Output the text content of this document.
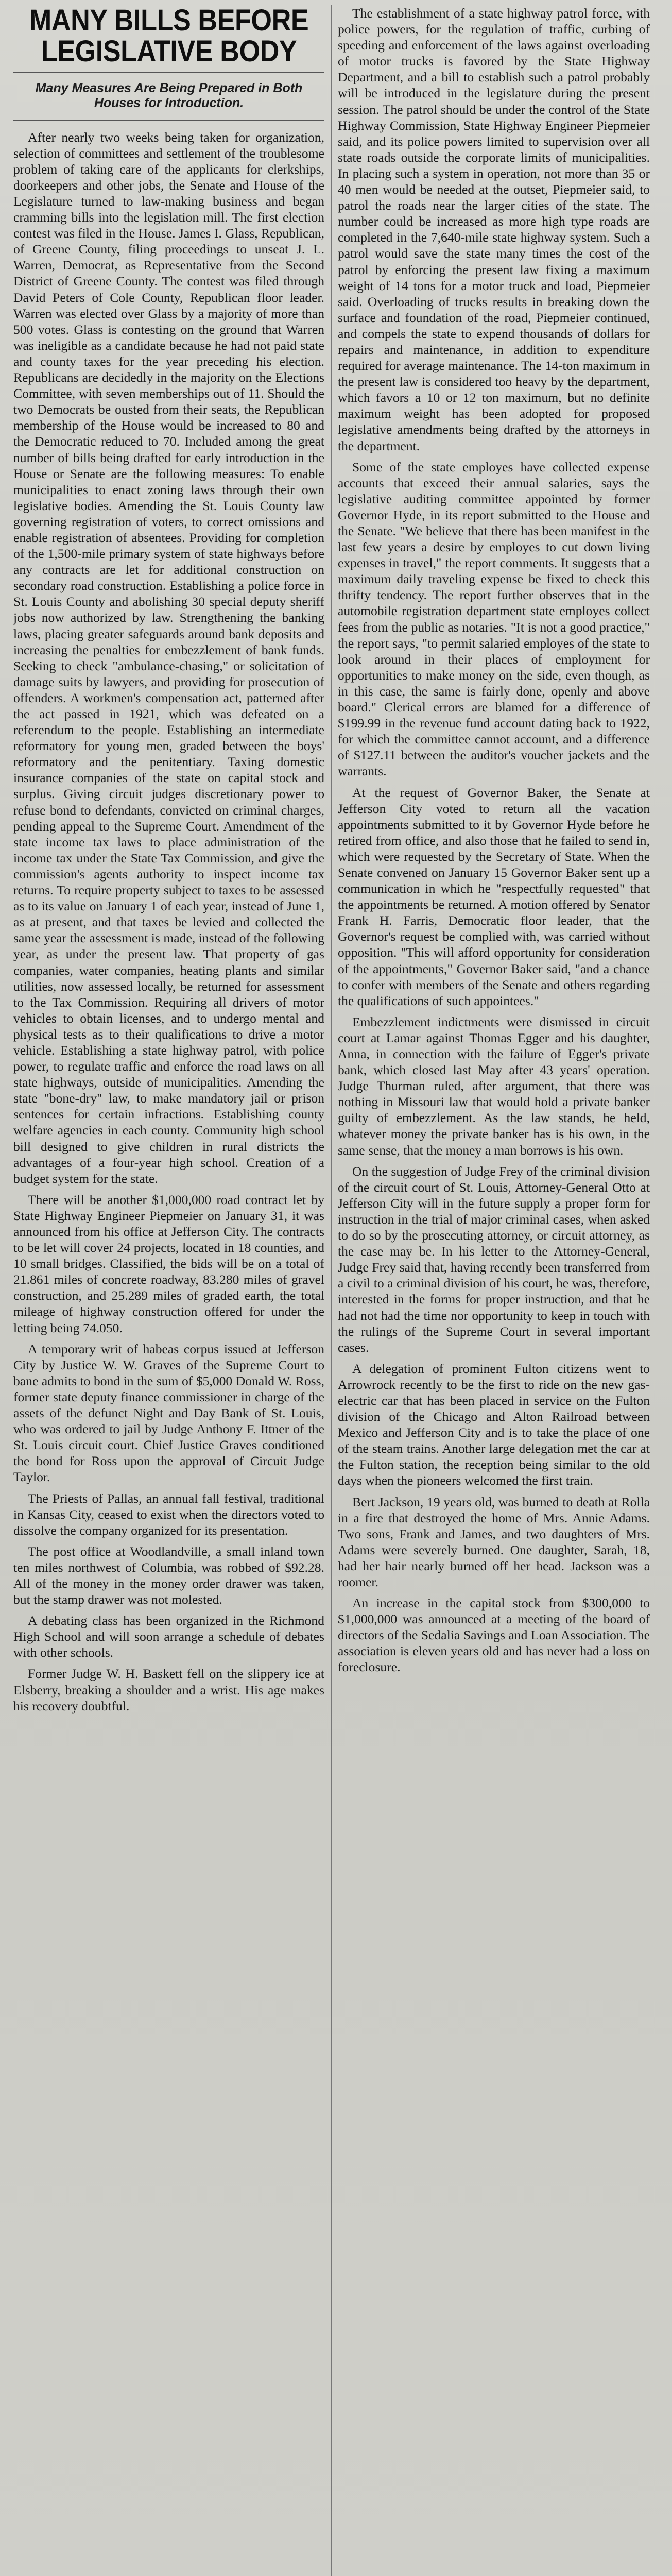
MANY BILLS BEFORE
LEGISLATIVE BODY
Many Measures Are Being Prepared in Both Houses for Introduction.

After nearly two weeks being taken for organization, selection of committees and settlement of the troublesome problem of taking care of the applicants for clerkships, doorkeepers and other jobs, the Senate and House of the Legislature turned to law-making business and began cramming bills into the legislation mill. The first election contest was filed in the House. James I. Glass, Republican, of Greene County, filing proceedings to unseat J. L. Warren, Democrat, as Representative from the Second District of Greene County. The contest was filed through David Peters of Cole County, Republican floor leader. Warren was elected over Glass by a majority of more than 500 votes. Glass is contesting on the ground that Warren was ineligible as a candidate because he had not paid state and county taxes for the year preceding his election. Republicans are decidedly in the majority on the Elections Committee, with seven memberships out of 11. Should the two Democrats be ousted from their seats, the Republican membership of the House would be increased to 80 and the Democratic reduced to 70. Included among the great number of bills being drafted for early introduction in the House or Senate are the following measures: To enable municipalities to enact zoning laws through their own legislative bodies. Amending the St. Louis County law governing registration of voters, to correct omissions and enable registration of absentees. Providing for completion of the 1,500-mile primary system of state highways before any contracts are let for additional construction on secondary road construction. Establishing a police force in St. Louis County and abolishing 30 special deputy sheriff jobs now authorized by law. Strengthening the banking laws, placing greater safeguards around bank deposits and increasing the penalties for embezzlement of bank funds. Seeking to check "ambulance-chasing," or solicitation of damage suits by lawyers, and providing for prosecution of offenders. A workmen's compensation act, patterned after the act passed in 1921, which was defeated on a referendum to the people. Establishing an intermediate reformatory for young men, graded between the boys' reformatory and the penitentiary. Taxing domestic insurance companies of the state on capital stock and surplus. Giving circuit judges discretionary power to refuse bond to defendants, convicted on criminal charges, pending appeal to the Supreme Court. Amendment of the state income tax laws to place administration of the income tax under the State Tax Commission, and give the commission's agents authority to inspect income tax returns. To require property subject to taxes to be assessed as to its value on January 1 of each year, instead of June 1, as at present, and that taxes be levied and collected the same year the assessment is made, instead of the following year, as under the present law. That property of gas companies, water companies, heating plants and similar utilities, now assessed locally, be returned for assessment to the Tax Commission. Requiring all drivers of motor vehicles to obtain licenses, and to undergo mental and physical tests as to their qualifications to drive a motor vehicle. Establishing a state highway patrol, with police power, to regulate traffic and enforce the road laws on all state highways, outside of municipalities. Amending the state "bone-dry" law, to make mandatory jail or prison sentences for certain infractions. Establishing county welfare agencies in each county. Community high school bill designed to give children in rural districts the advantages of a four-year high school. Creation of a budget system for the state.

There will be another $1,000,000 road contract let by State Highway Engineer Piepmeier on January 31, it was announced from his office at Jefferson City. The contracts to be let will cover 24 projects, located in 18 counties, and 10 small bridges. Classified, the bids will be on a total of 21.861 miles of concrete roadway, 83.280 miles of gravel construction, and 25.289 miles of graded earth, the total mileage of highway construction offered for under the letting being 74.050.

A temporary writ of habeas corpus issued at Jefferson City by Justice W. W. Graves of the Supreme Court to bane admits to bond in the sum of $5,000 Donald W. Ross, former state deputy finance commissioner in charge of the assets of the defunct Night and Day Bank of St. Louis, who was ordered to jail by Judge Anthony F. Ittner of the St. Louis circuit court. Chief Justice Graves conditioned the bond for Ross upon the approval of Circuit Judge Taylor.

The Priests of Pallas, an annual fall festival, traditional in Kansas City, ceased to exist when the directors voted to dissolve the company organized for its presentation.

The post office at Woodlandville, a small inland town ten miles northwest of Columbia, was robbed of $92.28. All of the money in the money order drawer was taken, but the stamp drawer was not molested.

A debating class has been organized in the Richmond High School and will soon arrange a schedule of debates with other schools.

Former Judge W. H. Baskett fell on the slippery ice at Elsberry, breaking a shoulder and a wrist. His age makes his recovery doubtful.

The establishment of a state highway patrol force, with police powers, for the regulation of traffic, curbing of speeding and enforcement of the laws against overloading of motor trucks is favored by the State Highway Department, and a bill to establish such a patrol probably will be introduced in the legislature during the present session. The patrol should be under the control of the State Highway Commission, State Highway Engineer Piepmeier said, and its police powers limited to supervision over all state roads outside the corporate limits of municipalities. In placing such a system in operation, not more than 35 or 40 men would be needed at the outset, Piepmeier said, to patrol the roads near the larger cities of the state. The number could be increased as more high type roads are completed in the 7,640-mile state highway system. Such a patrol would save the state many times the cost of the patrol by enforcing the present law fixing a maximum weight of 14 tons for a motor truck and load, Piepmeier said. Overloading of trucks results in breaking down the surface and foundation of the road, Piepmeier continued, and compels the state to expend thousands of dollars for repairs and maintenance, in addition to expenditure required for average maintenance. The 14-ton maximum in the present law is considered too heavy by the department, which favors a 10 or 12 ton maximum, but no definite maximum weight has been adopted for proposed legislative amendments being drafted by the attorneys in the department.

Some of the state employes have collected expense accounts that exceed their annual salaries, says the legislative auditing committee appointed by former Governor Hyde, in its report submitted to the House and the Senate. "We believe that there has been manifest in the last few years a desire by employes to cut down living expenses in travel," the report comments. It suggests that a maximum daily traveling expense be fixed to check this thrifty tendency. The report further observes that in the automobile registration department state employes collect fees from the public as notaries. "It is not a good practice," the report says, "to permit salaried employes of the state to look around in their places of employment for opportunities to make money on the side, even though, as in this case, the same is fairly done, openly and above board." Clerical errors are blamed for a difference of $199.99 in the revenue fund account dating back to 1922, for which the committee cannot account, and a difference of $127.11 between the auditor's voucher jackets and the warrants.

At the request of Governor Baker, the Senate at Jefferson City voted to return all the vacation appointments submitted to it by Governor Hyde before he retired from office, and also those that he failed to send in, which were requested by the Secretary of State. When the Senate convened on January 15 Governor Baker sent up a communication in which he "respectfully requested" that the appointments be returned. A motion offered by Senator Frank H. Farris, Democratic floor leader, that the Governor's request be complied with, was carried without opposition. "This will afford opportunity for consideration of the appointments," Governor Baker said, "and a chance to confer with members of the Senate and others regarding the qualifications of such appointees."

Embezzlement indictments were dismissed in circuit court at Lamar against Thomas Egger and his daughter, Anna, in connection with the failure of Egger's private bank, which closed last May after 43 years' operation. Judge Thurman ruled, after argument, that there was nothing in Missouri law that would hold a private banker guilty of embezzlement. As the law stands, he held, whatever money the private banker has is his own, in the same sense, that the money a man borrows is his own.

On the suggestion of Judge Frey of the criminal division of the circuit court of St. Louis, Attorney-General Otto at Jefferson City will in the future supply a proper form for instruction in the trial of major criminal cases, when asked to do so by the prosecuting attorney, or circuit attorney, as the case may be. In his letter to the Attorney-General, Judge Frey said that, having recently been transferred from a civil to a criminal division of his court, he was, therefore, interested in the forms for proper instruction, and that he had not had the time nor opportunity to keep in touch with the rulings of the Supreme Court in several important cases.

A delegation of prominent Fulton citizens went to Arrowrock recently to be the first to ride on the new gas-electric car that has been placed in service on the Fulton division of the Chicago and Alton Railroad between Mexico and Jefferson City and is to take the place of one of the steam trains. Another large delegation met the car at the Fulton station, the reception being similar to the old days when the pioneers welcomed the first train.

Bert Jackson, 19 years old, was burned to death at Rolla in a fire that destroyed the home of Mrs. Annie Adams. Two sons, Frank and James, and two daughters of Mrs. Adams were severely burned. One daughter, Sarah, 18, had her hair nearly burned off her head. Jackson was a roomer.

An increase in the capital stock from $300,000 to $1,000,000 was announced at a meeting of the board of directors of the Sedalia Savings and Loan Association. The association is eleven years old and has never had a loss on foreclosure.
